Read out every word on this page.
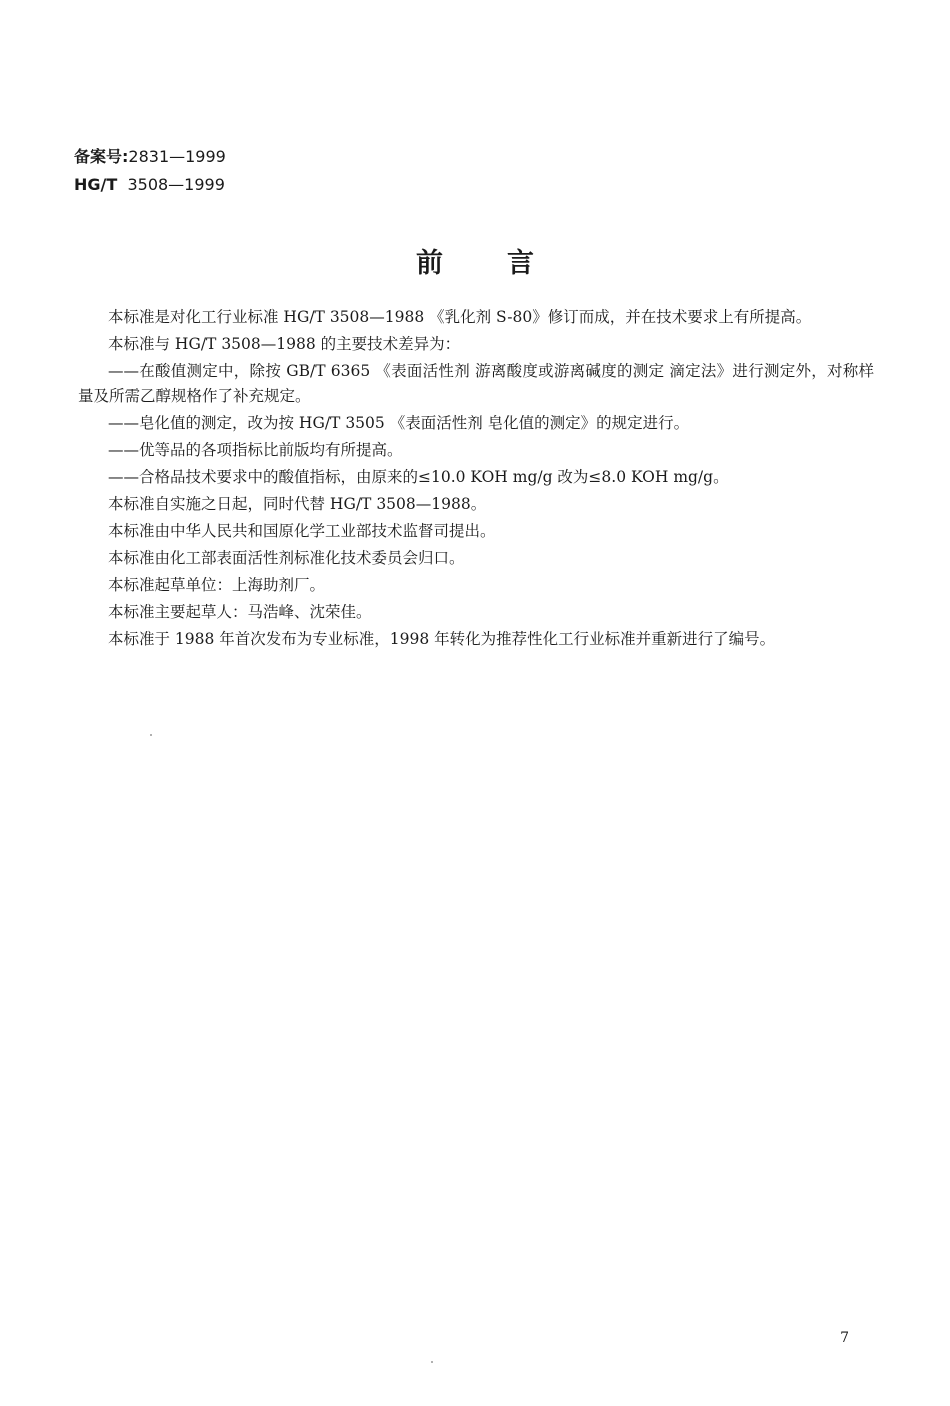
备案号:2831—1999
HG/T 3508—1999
前言

本标准是对化工行业标准 HG/T 3508—1988 《乳化剂 S-80》修订而成，并在技术要求上有所提高。

本标准与 HG/T 3508—1988 的主要技术差异为：

——在酸值测定中，除按 GB/T 6365 《表面活性剂 游离酸度或游离碱度的测定 滴定法》进行测定外，对称样量及所需乙醇规格作了补充规定。

——皂化值的测定，改为按 HG/T 3505 《表面活性剂 皂化值的测定》的规定进行。

——优等品的各项指标比前版均有所提高。

——合格品技术要求中的酸值指标，由原来的≤10.0 KOH mg/g 改为≤8.0 KOH mg/g。

本标准自实施之日起，同时代替 HG/T 3508—1988。

本标准由中华人民共和国原化学工业部技术监督司提出。

本标准由化工部表面活性剂标准化技术委员会归口。

本标准起草单位：上海助剂厂。

本标准主要起草人：马浩峰、沈荣佳。

本标准于 1988 年首次发布为专业标准，1998 年转化为推荐性化工行业标准并重新进行了编号。

7
